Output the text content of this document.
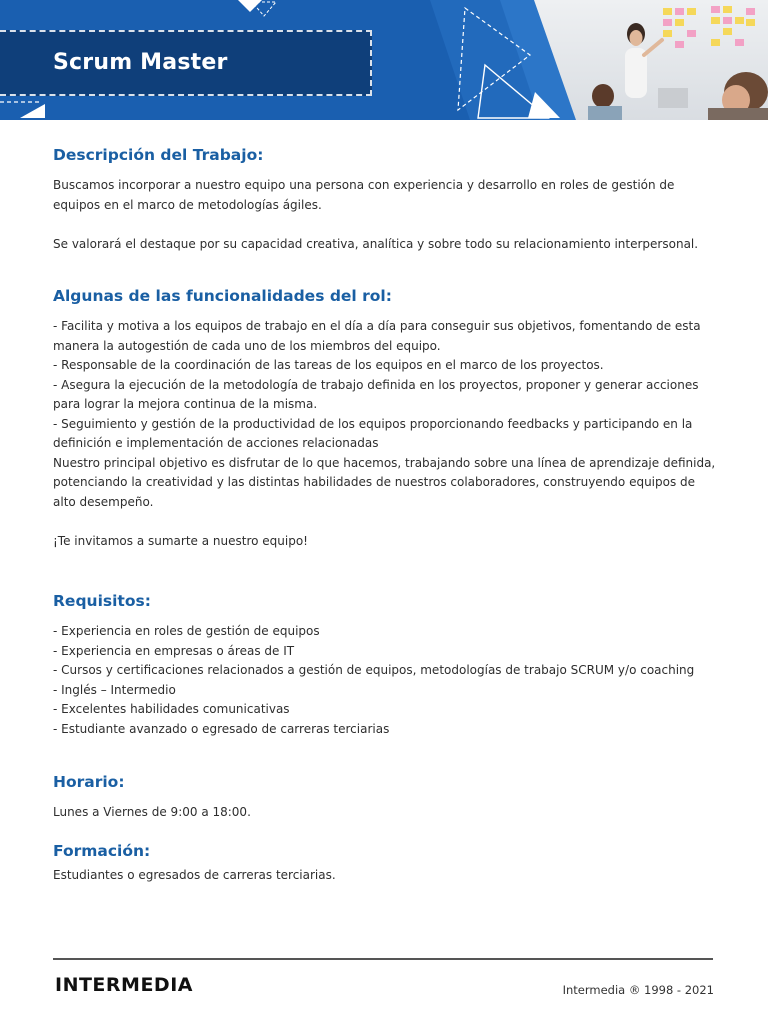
Scrum Master
Descripción del Trabajo:

Buscamos incorporar a nuestro equipo una persona con experiencia y desarrollo en roles de gestión de equipos en el marco de metodologías ágiles.

Se valorará el destaque por su capacidad creativa, analítica y sobre todo su relacionamiento interpersonal.

Algunas de las funcionalidades del rol:
- Facilita y motiva a los equipos de trabajo en el día a día para conseguir sus objetivos, fomentando de esta manera la autogestión de cada uno de los miembros del equipo.
- Responsable de la coordinación de las tareas de los equipos en el marco de los proyectos.
- Asegura la ejecución de la metodología de trabajo definida en los proyectos, proponer y generar acciones para lograr la mejora continua de la misma.
- Seguimiento y gestión de la productividad de los equipos proporcionando feedbacks y participando en la definición e implementación de acciones relacionadas

Nuestro principal objetivo es disfrutar de lo que hacemos, trabajando sobre una línea de aprendizaje definida, potenciando la creatividad y las distintas habilidades de nuestros colaboradores, construyendo equipos de alto desempeño.

¡Te invitamos a sumarte a nuestro equipo!

Requisitos:
- Experiencia en roles de gestión de equipos
- Experiencia en empresas o áreas de IT
- Cursos y certificaciones relacionados a gestión de equipos, metodologías de trabajo SCRUM y/o coaching
- Inglés – Intermedio
- Excelentes habilidades comunicativas
- Estudiante avanzado o egresado de carreras terciarias
Horario:

Lunes a Viernes de 9:00 a 18:00.

Formación:

Estudiantes o egresados de carreras terciarias.

INTERMEDIA	Intermedia ® 1998 - 2021
